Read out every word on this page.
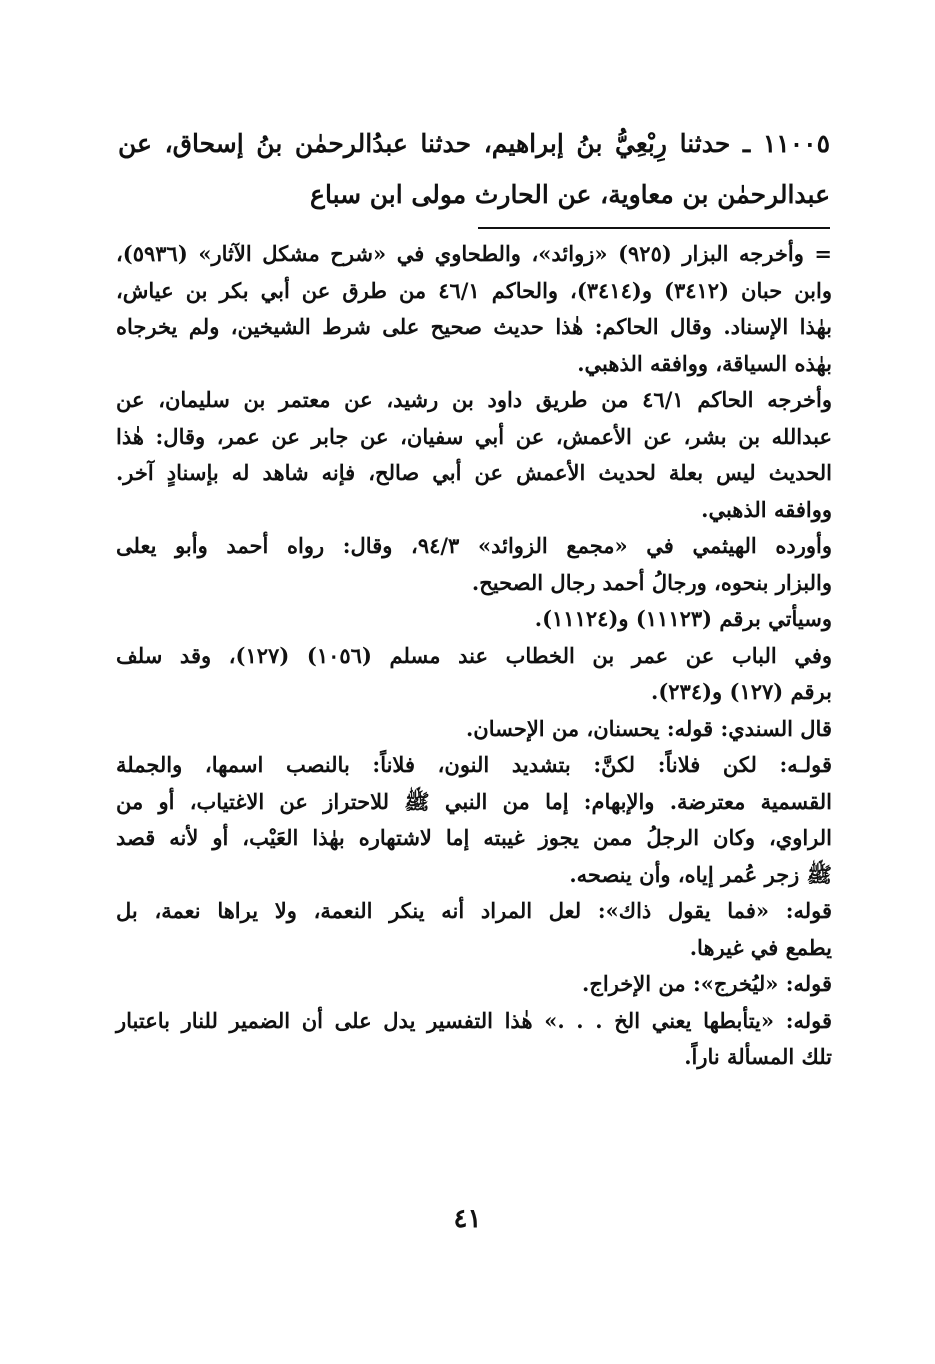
١١٠٠٥ ـ حدثنا رِبْعِيُّ بنُ إبراهيم، حدثنا عبدُالرحمٰن بنُ إسحاق، عن
عبدالرحمٰن بن معاوية، عن الحارث مولى ابن سباع
= وأخرجه البزار (٩٢٥) «زوائد»، والطحاوي في «شرح مشكل الآثار» (٥٩٣٦)،
وابن حبان (٣٤١٢) و(٣٤١٤)، والحاكم ٤٦/١ من طرق عن أبي بكر بن عياش،
بهٰذا الإسناد. وقال الحاكم: هٰذا حديث صحيح على شرط الشيخين، ولم يخرجاه
بهٰذه السياقة، ووافقه الذهبي.
وأخرجه الحاكم ٤٦/١ من طريق داود بن رشيد، عن معتمر بن سليمان، عن
عبدالله بن بشر، عن الأعمش، عن أبي سفيان، عن جابر عن عمر، وقال: هٰذا
الحديث ليس بعلة لحديث الأعمش عن أبي صالح، فإنه شاهد له بإسنادٍ آخر.
ووافقه الذهبي.
وأورده الهيثمي في «مجمع الزوائد» ٩٤/٣، وقال: رواه أحمد وأبو يعلى
والبزار بنحوه، ورجالُ أحمد رجال الصحيح.
وسيأتي برقم (١١١٢٣) و(١١١٢٤).
وفي الباب عن عمر بن الخطاب عند مسلم (١٠٥٦) (١٢٧)، وقد سلف
برقم (١٢٧) و(٢٣٤).
قال السندي: قوله: يحسنان، من الإحسان.
قولـه: لكن فلاناً: لكنَّ: بتشديد النون، فلاناً: بالنصب اسمها، والجملة
القسمية معترضة. والإبهام: إما من النبي ﷺ للاحتراز عن الاغتياب، أو من
الراوي، وكان الرجلُ ممن يجوز غيبته إما لاشتهاره بهٰذا العَيْب، أو لأنه قصد
ﷺ زجر عُمر إياه، وأن ينصحه.
قوله: «فما يقول ذاك»: لعل المراد أنه ينكر النعمة، ولا يراها نعمة، بل
يطمع في غيرها.
قوله: «ليُخرج»: من الإخراج.
قوله: «يتأبطها يعني الخ . . .» هٰذا التفسير يدل على أن الضمير للنار باعتبار
تلك المسألة ناراً.
٤١
